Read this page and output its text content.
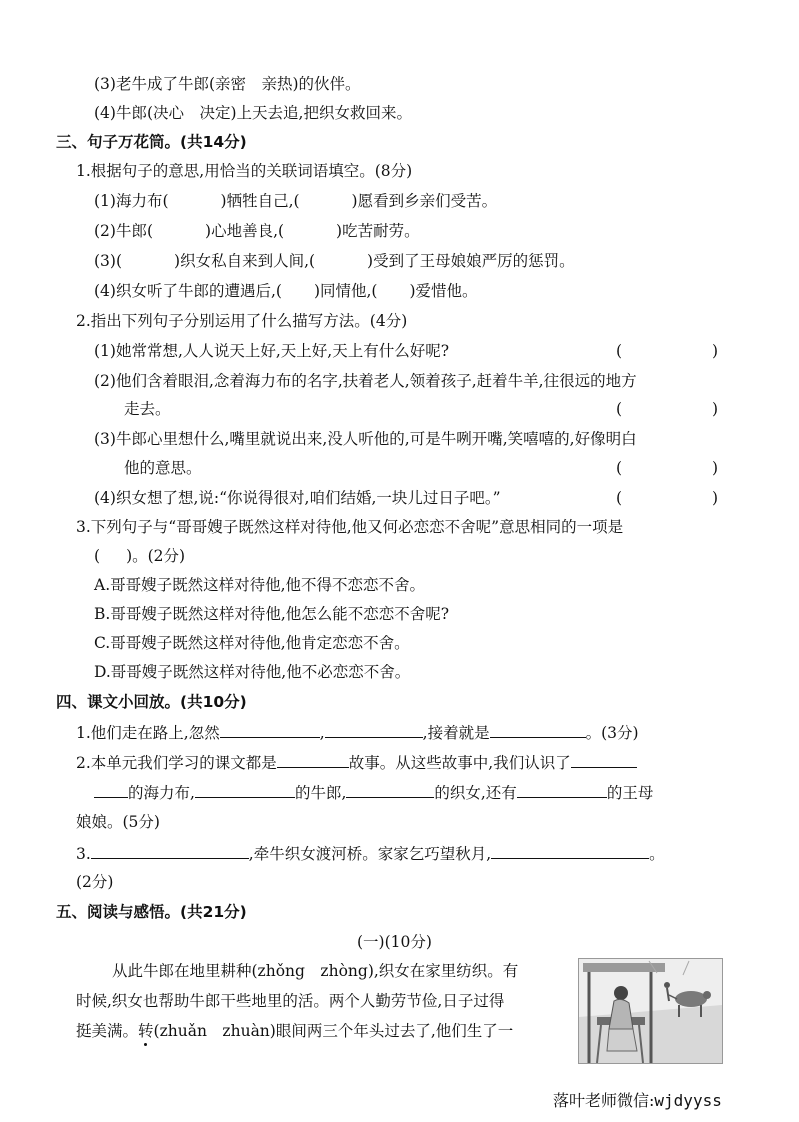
(3)老牛成了牛郎(亲密　亲热)的伙伴。
(4)牛郎(决心　决定)上天去追,把织女救回来。
三、句子万花筒。(共14分)
1.根据句子的意思,用恰当的关联词语填空。(8分)
(1)海力布(	)牺牲自己,(	)愿看到乡亲们受苦。
(2)牛郎(	)心地善良,(	)吃苦耐劳。
(3)(	)织女私自来到人间,(	)受到了王母娘娘严厉的惩罚。
(4)织女听了牛郎的遭遇后,( )同情他,( )爱惜他。
2.指出下列句子分别运用了什么描写方法。(4分)
(1)她常常想,人人说天上好,天上好,天上有什么好呢?	(	)
(2)他们含着眼泪,念着海力布的名字,扶着老人,领着孩子,赶着牛羊,往很远的地方
走去。	(	)
(3)牛郎心里想什么,嘴里就说出来,没人听他的,可是牛咧开嘴,笑嘻嘻的,好像明白
他的意思。	(	)
(4)织女想了想,说:“你说得很对,咱们结婚,一块儿过日子吧。”	(	)
3.下列句子与“哥哥嫂子既然这样对待他,他又何必恋恋不舍呢”意思相同的一项是
( )。(2分)
A.哥哥嫂子既然这样对待他,他不得不恋恋不舍。
B.哥哥嫂子既然这样对待他,他怎么能不恋恋不舍呢?
C.哥哥嫂子既然这样对待他,他肯定恋恋不舍。
D.哥哥嫂子既然这样对待他,他不必恋恋不舍。
四、课文小回放。(共10分)
1.他们走在路上,忽然	,	,接着就是	。(3分)
2.本单元我们学习的课文都是	故事。从这些故事中,我们认识了
的海力布,	的牛郎,	的织女,还有	的王母
娘娘。(5分)
3.	,牵牛织女渡河桥。家家乞巧望秋月,	。
(2分)
五、阅读与感悟。(共21分)
(一)(10分)
从此牛郎在地里耕种(zhǒng　zhòng),织女在家里纺织。有
时候,织女也帮助牛郎干些地里的活。两个人勤劳节俭,日子过得
挺美满。转(zhuǎn　zhuàn)眼间两三个年头过去了,他们生了一
落叶老师微信:wjdyyss
